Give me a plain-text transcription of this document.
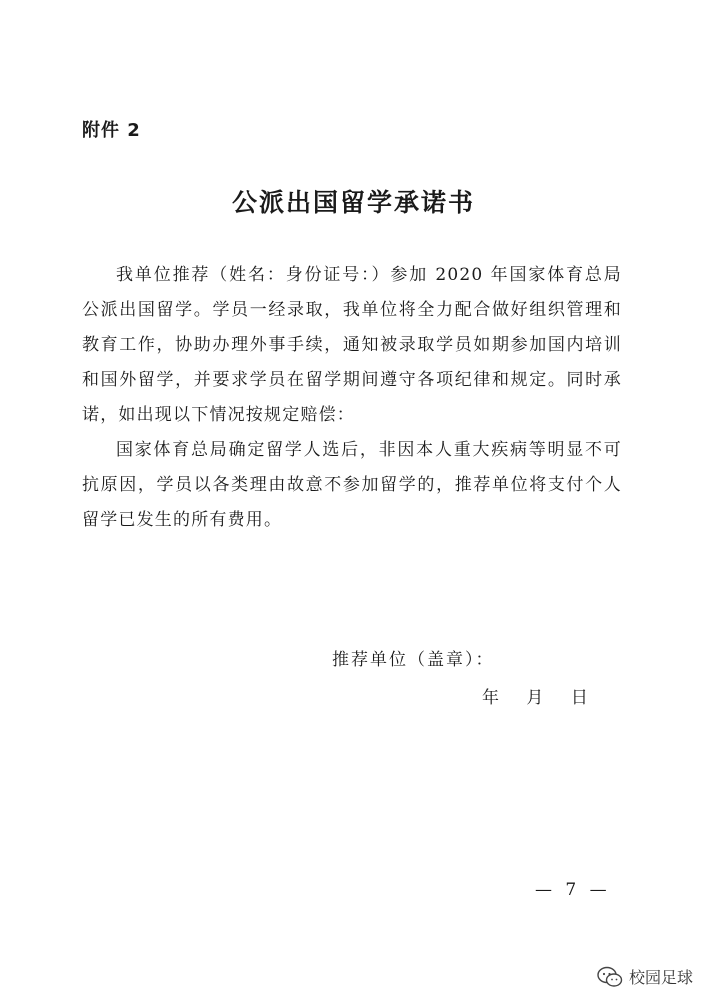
附件 2
公派出国留学承诺书

我单位推荐（姓名：身份证号：）参加 2020 年国家体育总局公派出国留学。学员一经录取，我单位将全力配合做好组织管理和教育工作，协助办理外事手续，通知被录取学员如期参加国内培训和国外留学，并要求学员在留学期间遵守各项纪律和规定。同时承诺，如出现以下情况按规定赔偿：

国家体育总局确定留学人选后，非因本人重大疾病等明显不可抗原因，学员以各类理由故意不参加留学的，推荐单位将支付个人留学已发生的所有费用。

推荐单位（盖章）：
年 月 日
— 7 —
校园足球
